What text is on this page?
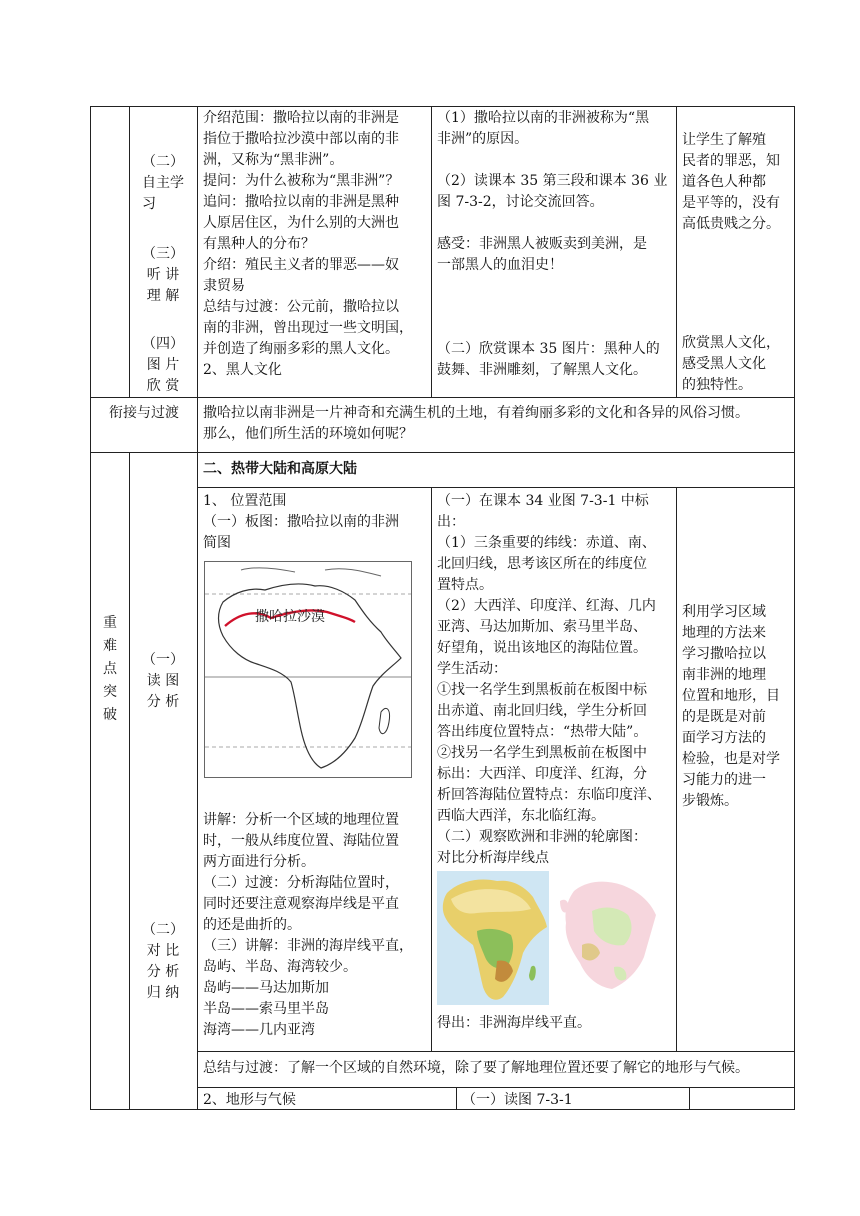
（二）
自主学习
（三）
听 讲 理 解
（四）
图 片 欣 赏
介绍范围：撒哈拉以南的非洲是
指位于撒哈拉沙漠中部以南的非
洲，又称为“黑非洲”。
提问：为什么被称为“黑非洲”？
追问：撒哈拉以南的非洲是黑种
人原居住区，为什么别的大洲也
有黑种人的分布？
介绍：殖民主义者的罪恶——奴
隶贸易
总结与过渡：公元前，撒哈拉以
南的非洲，曾出现过一些文明国，
并创造了绚丽多彩的黑人文化。
2、黑人文化
（1）撒哈拉以南的非洲被称为“黑
非洲”的原因。
（2）读课本 35 第三段和课本 36 业
图 7-3-2，讨论交流回答。
感受：非洲黑人被贩卖到美洲，是
一部黑人的血泪史！
（二）欣赏课本 35 图片：黑种人的
鼓舞、非洲雕刻，了解黑人文化。
让学生了解殖
民者的罪恶，知
道各色人种都
是平等的，没有
高低贵贱之分。
欣赏黑人文化，
感受黑人文化
的独特性。
衔接与过渡	撒哈拉以南非洲是一片神奇和充满生机的土地，有着绚丽多彩的文化和各异的风俗习惯。
那么，他们所生活的环境如何呢？
重难点突破
二、热带大陆和高原大陆
（一）
读 图 分 析
（二）
对 比 分 析 归 纳
1、 位置范围
（一）板图：撒哈拉以南的非洲
简图
撒哈拉沙漠
讲解：分析一个区域的地理位置
时，一般从纬度位置、海陆位置
两方面进行分析。
（二）过渡：分析海陆位置时，
同时还要注意观察海岸线是平直
的还是曲折的。
（三）讲解：非洲的海岸线平直，
岛屿、半岛、海湾较少。
岛屿——马达加斯加
半岛——索马里半岛
海湾——几内亚湾
（一）在课本 34 业图 7-3-1 中标出：
（1）三条重要的纬线：赤道、南、
北回归线，思考该区所在的纬度位
置特点。
（2）大西洋、印度洋、红海、几内
亚湾、马达加斯加、索马里半岛、
好望角，说出该地区的海陆位置。
学生活动：
①找一名学生到黑板前在板图中标
出赤道、南北回归线，学生分析回
答出纬度位置特点：“热带大陆”。
②找另一名学生到黑板前在板图中
标出：大西洋、印度洋、红海，分
析回答海陆位置特点：东临印度洋、
西临大西洋，东北临红海。
（二）观察欧洲和非洲的轮廓图：
对比分析海岸线点
得出：非洲海岸线平直。
利用学习区域
地理的方法来
学习撒哈拉以
南非洲的地理
位置和地形，目
的是既是对前
面学习方法的
检验，也是对学
习能力的进一
步锻炼。
总结与过渡：了解一个区域的自然环境，除了要了解地理位置还要了解它的地形与气候。
2、地形与气候	（一）读图 7-3-1
